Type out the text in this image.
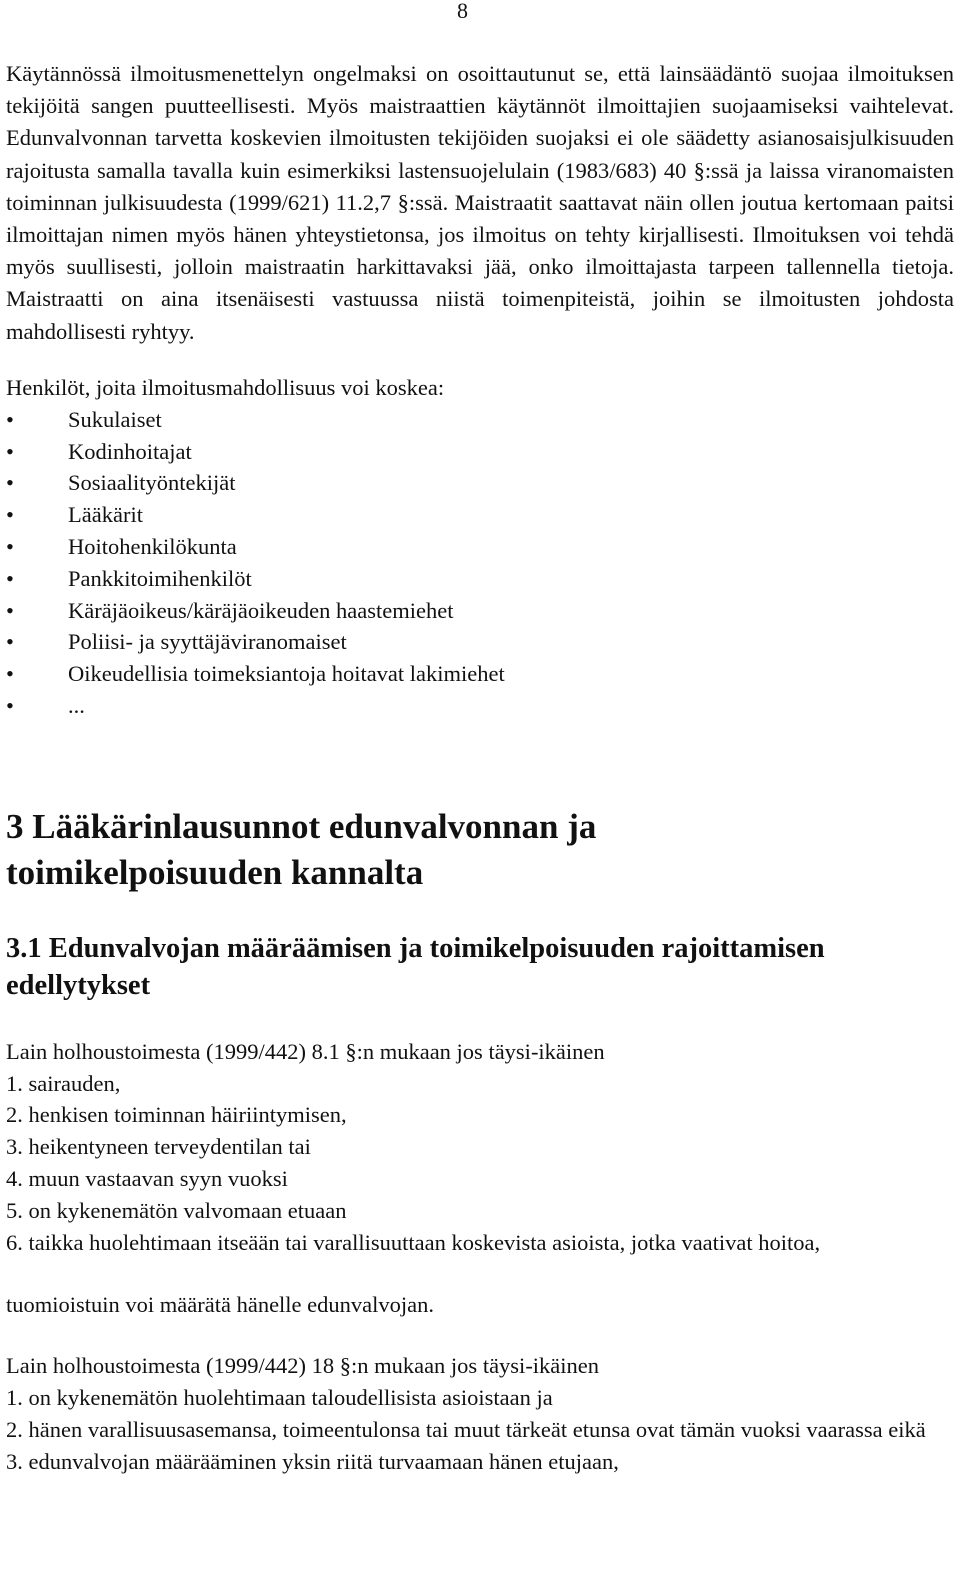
8

Käytännössä ilmoitusmenettelyn ongelmaksi on osoittautunut se, että lainsäädäntö suojaa ilmoituksen tekijöitä sangen puutteellisesti. Myös maistraattien käytännöt ilmoittajien suojaamiseksi vaihtelevat. Edunvalvonnan tarvetta koskevien ilmoitusten tekijöiden suojaksi ei ole säädetty asianosaisjulkisuuden rajoitusta samalla tavalla kuin esimerkiksi lastensuojelulain (1983/683) 40 §:ssä ja laissa viranomaisten toiminnan julkisuudesta (1999/621) 11.2,7 §:ssä. Maistraatit saattavat näin ollen joutua kertomaan paitsi ilmoittajan nimen myös hänen yhteystietonsa, jos ilmoitus on tehty kirjallisesti. Ilmoituksen voi tehdä myös suullisesti, jolloin maistraatin harkittavaksi jää, onko ilmoittajasta tarpeen tallennella tietoja. Maistraatti on aina itsenäisesti vastuussa niistä toimenpiteistä, joihin se ilmoitusten johdosta mahdollisesti ryhtyy.

Henkilöt, joita ilmoitusmahdollisuus voi koskea:

• Sukulaiset
• Kodinhoitajat
• Sosiaalityöntekijät
• Lääkärit
• Hoitohenkilökunta
• Pankkitoimihenkilöt
• Käräjäoikeus/käräjäoikeuden haastemiehet
• Poliisi- ja syyttäjäviranomaiset
• Oikeudellisia toimeksiantoja hoitavat lakimiehet
• ...
3 Lääkärinlausunnot edunvalvonnan ja
toimikelpoisuuden kannalta
3.1 Edunvalvojan määräämisen ja toimikelpoisuuden rajoittamisen
edellytykset
Lain holhoustoimesta (1999/442) 8.1 §:n mukaan jos täysi-ikäinen
1. sairauden,
2. henkisen toiminnan häiriintymisen,
3. heikentyneen terveydentilan tai
4. muun vastaavan syyn vuoksi
5. on kykenemätön valvomaan etuaan
6. taikka huolehtimaan itseään tai varallisuuttaan koskevista asioista, jotka vaativat hoitoa,
tuomioistuin voi määrätä hänelle edunvalvojan.
Lain holhoustoimesta (1999/442) 18 §:n mukaan jos täysi-ikäinen
1. on kykenemätön huolehtimaan taloudellisista asioistaan ja
2. hänen varallisuusasemansa, toimeentulonsa tai muut tärkeät etunsa ovat tämän vuoksi vaarassa eikä
3. edunvalvojan määrääminen yksin riitä turvaamaan hänen etujaan,
